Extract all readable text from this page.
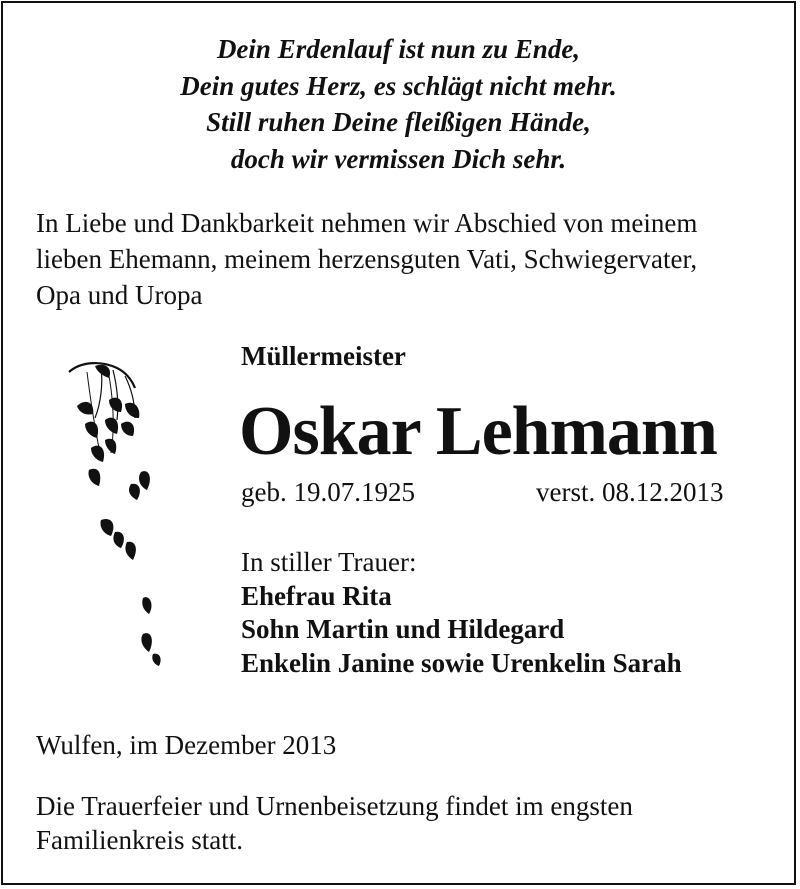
Dein Erdenlauf ist nun zu Ende,
Dein gutes Herz, es schlägt nicht mehr.
Still ruhen Deine fleißigen Hände,
doch wir vermissen Dich sehr.
In Liebe und Dankbarkeit nehmen wir Abschied von meinem
lieben Ehemann, meinem herzensguten Vati, Schwiegervater,
Opa und Uropa
Müllermeister
Oskar Lehmann
geb. 19.07.1925	verst. 08.12.2013
In stiller Trauer:
Ehefrau Rita
Sohn Martin und Hildegard
Enkelin Janine sowie Urenkelin Sarah
Wulfen, im Dezember 2013
Die Trauerfeier und Urnenbeisetzung findet im engsten
Familienkreis statt.
